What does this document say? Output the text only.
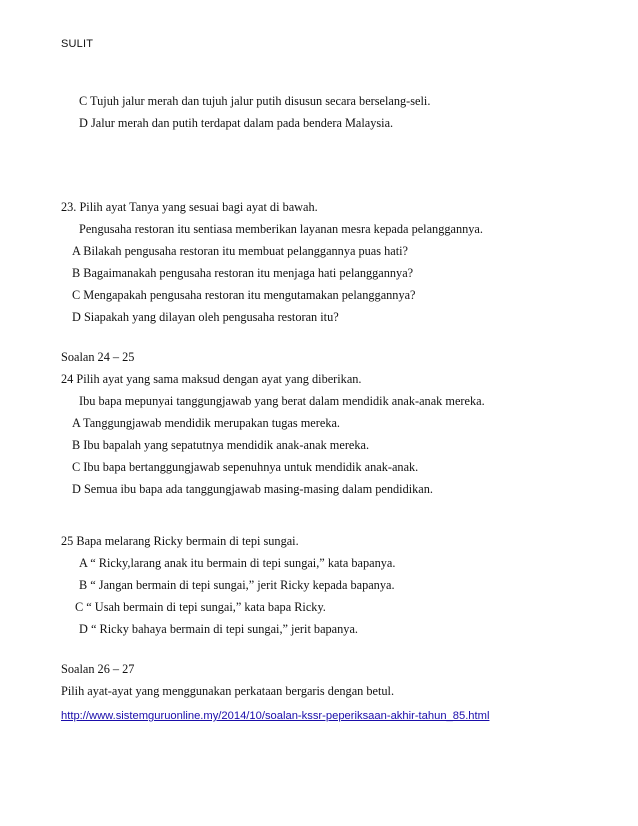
SULIT
C Tujuh jalur merah dan tujuh jalur putih disusun secara berselang-seli.
D Jalur merah dan putih terdapat dalam pada bendera Malaysia.
23. Pilih ayat Tanya yang sesuai bagi ayat di bawah.
Pengusaha restoran itu sentiasa memberikan layanan mesra kepada pelanggannya.
A Bilakah pengusaha restoran itu membuat pelanggannya puas hati?
B Bagaimanakah pengusaha restoran itu menjaga hati pelanggannya?
C Mengapakah pengusaha restoran itu mengutamakan pelanggannya?
D Siapakah yang dilayan oleh pengusaha restoran itu?
Soalan 24 – 25
24 Pilih ayat yang sama maksud dengan ayat yang diberikan.
Ibu bapa mepunyai tanggungjawab yang berat dalam mendidik anak-anak mereka.
A Tanggungjawab mendidik merupakan tugas mereka.
B Ibu bapalah yang sepatutnya mendidik anak-anak mereka.
C Ibu bapa bertanggungjawab sepenuhnya untuk mendidik anak-anak.
D Semua ibu bapa ada tanggungjawab masing-masing dalam pendidikan.
25 Bapa melarang Ricky bermain di tepi sungai.
A “ Ricky,larang anak itu bermain di tepi sungai,” kata bapanya.
B “ Jangan bermain di tepi sungai,” jerit Ricky kepada bapanya.
C “ Usah bermain di tepi sungai,” kata bapa Ricky.
D “ Ricky bahaya bermain di tepi sungai,” jerit bapanya.
Soalan 26 – 27
Pilih ayat-ayat yang menggunakan perkataan bergaris dengan betul.
http://www.sistemguruonline.my/2014/10/soalan-kssr-peperiksaan-akhir-tahun_85.html
